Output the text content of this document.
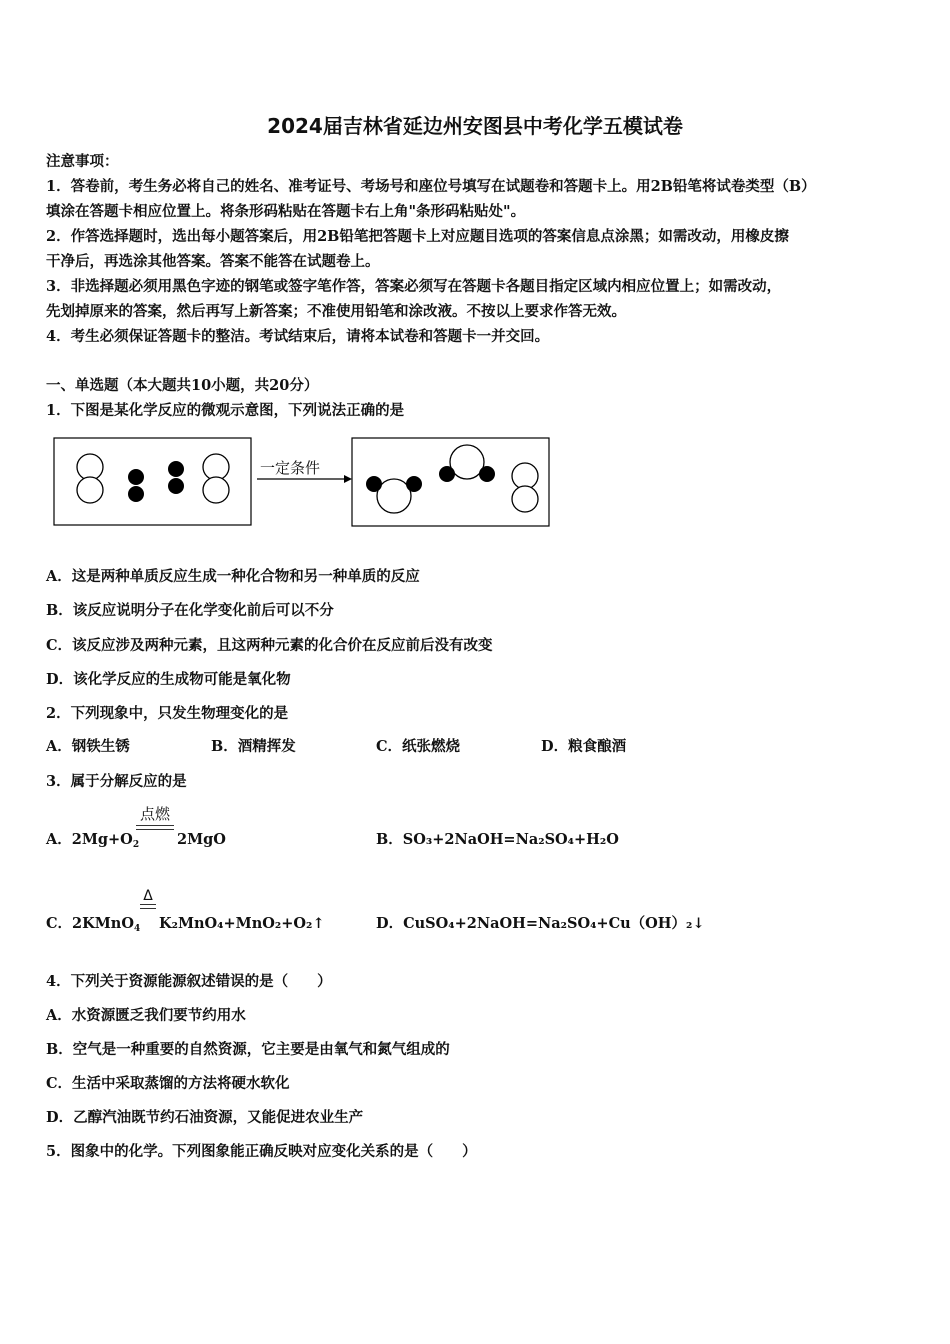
2024届吉林省延边州安图县中考化学五模试卷
注意事项：
1．答卷前，考生务必将自己的姓名、准考证号、考场号和座位号填写在试题卷和答题卡上。用2B铅笔将试卷类型（B）
填涂在答题卡相应位置上。将条形码粘贴在答题卡右上角"条形码粘贴处"。
2．作答选择题时，选出每小题答案后，用2B铅笔把答题卡上对应题目选项的答案信息点涂黑；如需改动，用橡皮擦
干净后，再选涂其他答案。答案不能答在试题卷上。
3．非选择题必须用黑色字迹的钢笔或签字笔作答，答案必须写在答题卡各题目指定区域内相应位置上；如需改动，
先划掉原来的答案，然后再写上新答案；不准使用铅笔和涂改液。不按以上要求作答无效。
4．考生必须保证答题卡的整洁。考试结束后，请将本试卷和答题卡一并交回。
一、单选题（本大题共10小题，共20分）
1．下图是某化学反应的微观示意图，下列说法正确的是
一定条件
A．这是两种单质反应生成一种化合物和另一种单质的反应
B．该反应说明分子在化学变化前后可以不分
C．该反应涉及两种元素，且这两种元素的化合价在反应前后没有改变
D．该化学反应的生成物可能是氧化物
2．下列现象中，只发生物理变化的是
A．钢铁生锈	B．酒精挥发	C．纸张燃烧	D．粮食酿酒
3．属于分解反应的是
A．$2Mg+O_2$
点燃
2MgO	B．SO₃+2NaOH=Na₂SO₄+H₂O
C．2KMnO$_4$
Δ
K₂MnO₄+MnO₂+O₂↑	D．CuSO₄+2NaOH=Na₂SO₄+Cu（OH）₂↓
4．下列关于资源能源叙述错误的是（　　）
A．水资源匮乏我们要节约用水
B．空气是一种重要的自然资源，它主要是由氧气和氮气组成的
C．生活中采取蒸馏的方法将硬水软化
D．乙醇汽油既节约石油资源，又能促进农业生产
5．图象中的化学。下列图象能正确反映对应变化关系的是（　　）
